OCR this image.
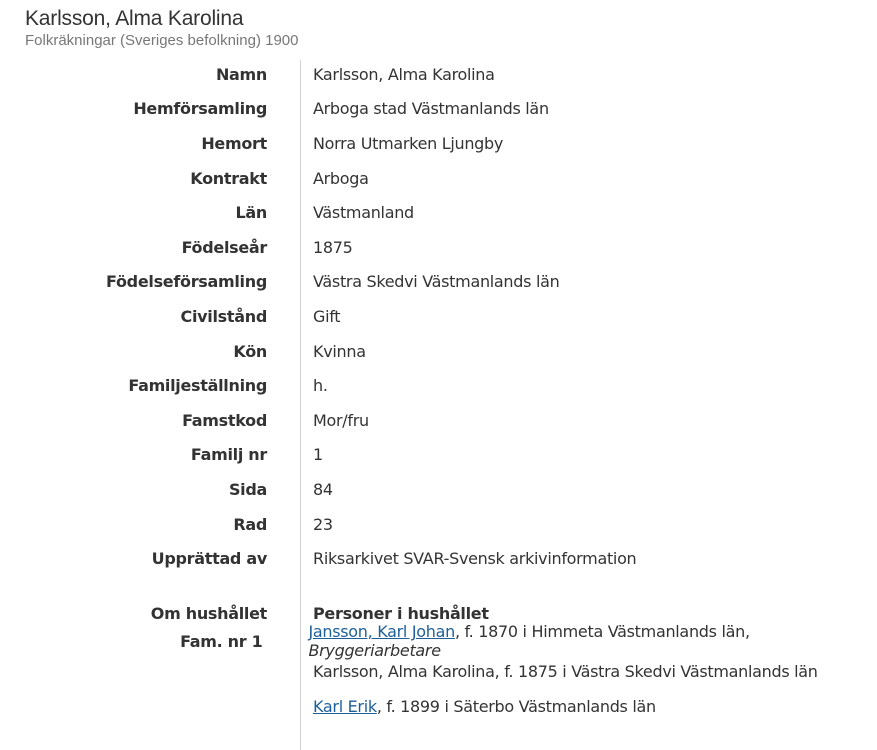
Karlsson, Alma Karolina

Folkräkningar (Sveriges befolkning) 1900

Namn	Karlsson, Alma Karolina
Hemförsamling	Arboga stad Västmanlands län
Hemort	Norra Utmarken Ljungby
Kontrakt	Arboga
Län	Västmanland
Födelseår	1875
Födelseförsamling	Västra Skedvi Västmanlands län
Civilstånd	Gift
Kön	Kvinna
Familjeställning	h.
Famstkod	Mor/fru
Familj nr	1
Sida	84
Rad	23
Upprättad av	Riksarkivet SVAR-Svensk arkivinformation
Om hushållet	Personer i hushållet
Fam. nr 1	Jansson, Karl Johan, f. 1870 i Himmeta Västmanlands län, Bryggeriarbetare
Karlsson, Alma Karolina, f. 1875 i Västra Skedvi Västmanlands län
Karl Erik , f. 1899 i Säterbo Västmanlands län
